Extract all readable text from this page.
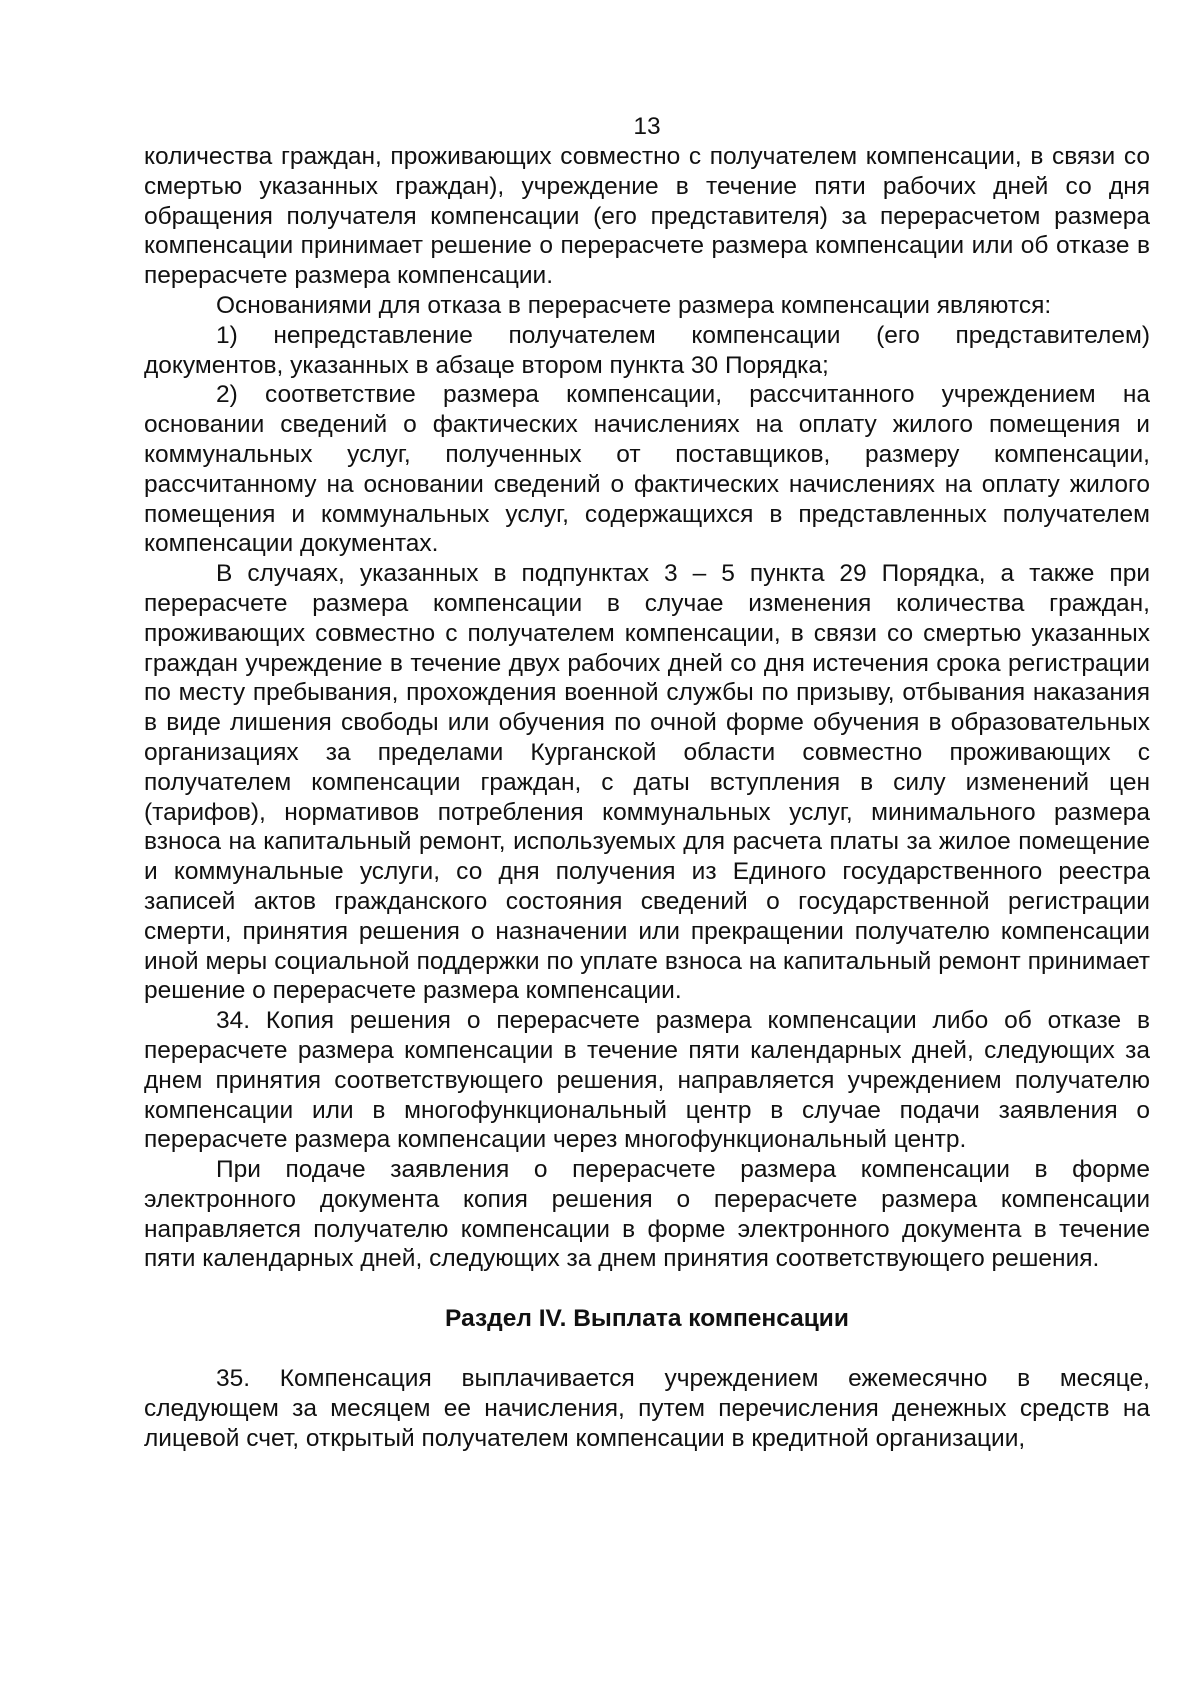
13

количества граждан, проживающих совместно с получателем компенсации, в связи со смертью указанных граждан), учреждение в течение пяти рабочих дней со дня обращения получателя компенсации (его представителя) за перерасчетом размера компенсации принимает решение о перерасчете размера компенсации или об отказе в перерасчете размера компенсации.

Основаниями для отказа в перерасчете размера компенсации являются:

1) непредставление получателем компенсации (его представителем) документов, указанных в абзаце втором пункта 30 Порядка;

2) соответствие размера компенсации, рассчитанного учреждением на основании сведений о фактических начислениях на оплату жилого помещения и коммунальных услуг, полученных от поставщиков, размеру компенсации, рассчитанному на основании сведений о фактических начислениях на оплату жилого помещения и коммунальных услуг, содержащихся в представленных получателем компенсации документах.

В случаях, указанных в подпунктах 3 – 5 пункта 29 Порядка, а также при перерасчете размера компенсации в случае изменения количества граждан, проживающих совместно с получателем компенсации, в связи со смертью указанных граждан учреждение в течение двух рабочих дней со дня истечения срока регистрации по месту пребывания, прохождения военной службы по призыву, отбывания наказания в виде лишения свободы или обучения по очной форме обучения в образовательных организациях за пределами Курганской области совместно проживающих с получателем компенсации граждан, с даты вступления в силу изменений цен (тарифов), нормативов потребления коммунальных услуг, минимального размера взноса на капитальный ремонт, используемых для расчета платы за жилое помещение и коммунальные услуги, со дня получения из Единого государственного реестра записей актов гражданского состояния сведений о государственной регистрации смерти, принятия решения о назначении или прекращении получателю компенсации иной меры социальной поддержки по уплате взноса на капитальный ремонт принимает решение о перерасчете размера компенсации.

34. Копия решения о перерасчете размера компенсации либо об отказе в перерасчете размера компенсации в течение пяти календарных дней, следующих за днем принятия соответствующего решения, направляется учреждением получателю компенсации или в многофункциональный центр в случае подачи заявления о перерасчете размера компенсации через многофункциональный центр.

При подаче заявления о перерасчете размера компенсации в форме электронного документа копия решения о перерасчете размера компенсации направляется получателю компенсации в форме электронного документа в течение пяти календарных дней, следующих за днем принятия соответствующего решения.

Раздел IV. Выплата компенсации

35. Компенсация выплачивается учреждением ежемесячно в месяце, следующем за месяцем ее начисления, путем перечисления денежных средств на лицевой счет, открытый получателем компенсации в кредитной организации,
